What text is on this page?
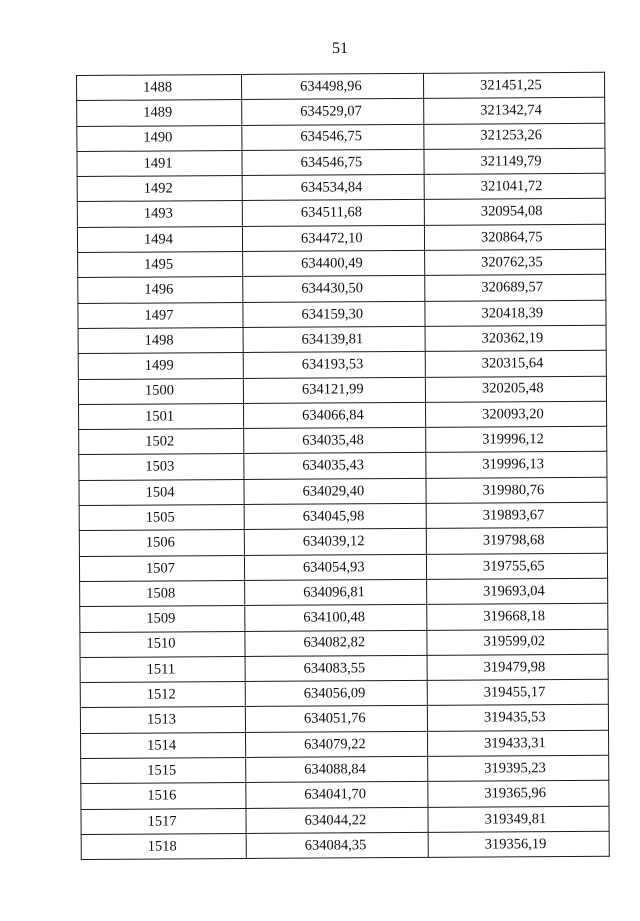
51
1488	634498,96	321451,25
1489	634529,07	321342,74
1490	634546,75	321253,26
1491	634546,75	321149,79
1492	634534,84	321041,72
1493	634511,68	320954,08
1494	634472,10	320864,75
1495	634400,49	320762,35
1496	634430,50	320689,57
1497	634159,30	320418,39
1498	634139,81	320362,19
1499	634193,53	320315,64
1500	634121,99	320205,48
1501	634066,84	320093,20
1502	634035,48	319996,12
1503	634035,43	319996,13
1504	634029,40	319980,76
1505	634045,98	319893,67
1506	634039,12	319798,68
1507	634054,93	319755,65
1508	634096,81	319693,04
1509	634100,48	319668,18
1510	634082,82	319599,02
1511	634083,55	319479,98
1512	634056,09	319455,17
1513	634051,76	319435,53
1514	634079,22	319433,31
1515	634088,84	319395,23
1516	634041,70	319365,96
1517	634044,22	319349,81
1518	634084,35	319356,19
